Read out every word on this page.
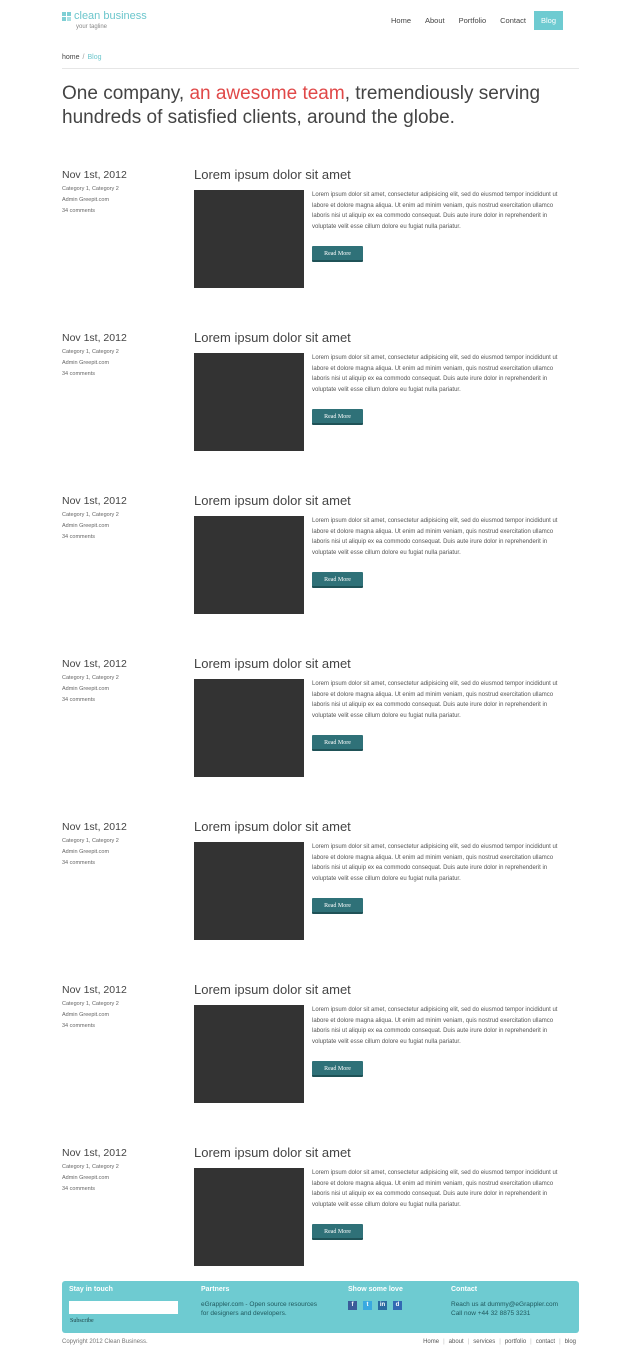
clean business
your tagline
Home	About	Portfolio	Contact	Blog
home / Blog
One company, an awesome team, tremendiously serving hundreds of satisfied clients, around the globe.
Nov 1st, 2012
Category 1, Category 2
Admin Greepit.com
34 comments
Lorem ipsum dolor sit amet
Lorem ipsum dolor sit amet, consectetur adipisicing elit, sed do eiusmod tempor incididunt ut labore et dolore magna aliqua. Ut enim ad minim veniam, quis nostrud exercitation ullamco laboris nisi ut aliquip ex ea commodo consequat. Duis aute irure dolor in reprehenderit in voluptate velit esse cillum dolore eu fugiat nulla pariatur.
Read More
Nov 1st, 2012
Category 1, Category 2
Admin Greepit.com
34 comments
Lorem ipsum dolor sit amet
Lorem ipsum dolor sit amet, consectetur adipisicing elit, sed do eiusmod tempor incididunt ut labore et dolore magna aliqua. Ut enim ad minim veniam, quis nostrud exercitation ullamco laboris nisi ut aliquip ex ea commodo consequat. Duis aute irure dolor in reprehenderit in voluptate velit esse cillum dolore eu fugiat nulla pariatur.
Read More
Nov 1st, 2012
Category 1, Category 2
Admin Greepit.com
34 comments
Lorem ipsum dolor sit amet
Lorem ipsum dolor sit amet, consectetur adipisicing elit, sed do eiusmod tempor incididunt ut labore et dolore magna aliqua. Ut enim ad minim veniam, quis nostrud exercitation ullamco laboris nisi ut aliquip ex ea commodo consequat. Duis aute irure dolor in reprehenderit in voluptate velit esse cillum dolore eu fugiat nulla pariatur.
Read More
Nov 1st, 2012
Category 1, Category 2
Admin Greepit.com
34 comments
Lorem ipsum dolor sit amet
Lorem ipsum dolor sit amet, consectetur adipisicing elit, sed do eiusmod tempor incididunt ut labore et dolore magna aliqua. Ut enim ad minim veniam, quis nostrud exercitation ullamco laboris nisi ut aliquip ex ea commodo consequat. Duis aute irure dolor in reprehenderit in voluptate velit esse cillum dolore eu fugiat nulla pariatur.
Read More
Nov 1st, 2012
Category 1, Category 2
Admin Greepit.com
34 comments
Lorem ipsum dolor sit amet
Lorem ipsum dolor sit amet, consectetur adipisicing elit, sed do eiusmod tempor incididunt ut labore et dolore magna aliqua. Ut enim ad minim veniam, quis nostrud exercitation ullamco laboris nisi ut aliquip ex ea commodo consequat. Duis aute irure dolor in reprehenderit in voluptate velit esse cillum dolore eu fugiat nulla pariatur.
Read More
Nov 1st, 2012
Category 1, Category 2
Admin Greepit.com
34 comments
Lorem ipsum dolor sit amet
Lorem ipsum dolor sit amet, consectetur adipisicing elit, sed do eiusmod tempor incididunt ut labore et dolore magna aliqua. Ut enim ad minim veniam, quis nostrud exercitation ullamco laboris nisi ut aliquip ex ea commodo consequat. Duis aute irure dolor in reprehenderit in voluptate velit esse cillum dolore eu fugiat nulla pariatur.
Read More
Nov 1st, 2012
Category 1, Category 2
Admin Greepit.com
34 comments
Lorem ipsum dolor sit amet
Lorem ipsum dolor sit amet, consectetur adipisicing elit, sed do eiusmod tempor incididunt ut labore et dolore magna aliqua. Ut enim ad minim veniam, quis nostrud exercitation ullamco laboris nisi ut aliquip ex ea commodo consequat. Duis aute irure dolor in reprehenderit in voluptate velit esse cillum dolore eu fugiat nulla pariatur.
Read More
Stay in touch
Subscribe
Partners
eGrappler.com - Open source resources for designers and developers.
Show some love
f	t	in	d
Contact
Reach us at dummy@eGrappler.com
Call now +44 32 8875 3231
Copyright 2012 Clean Business.	Home | about | services | portfolio | contact | blog
